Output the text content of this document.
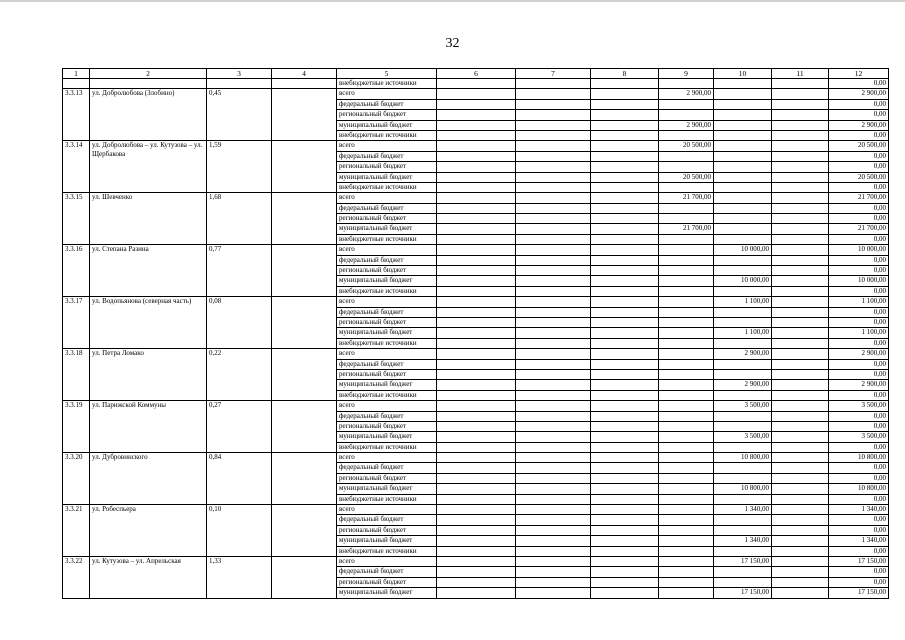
32
1	2	3	4	5	6	7	8	9	10	11	12
				внебюджетные источники							0,00
3.3.13	ул. Добролюбова (Злобино)	0,45		всего				2 900,00			2 900,00
				федеральный бюджет							0,00
				региональный бюджет							0,00
				муниципальный бюджет				2 900,00			2 900,00
				внебюджетные источники							0,00
3.3.14	ул. Добролюбова – ул. Кутузова – ул. Щербакова	1,59		всего				20 500,00			20 500,00
				федеральный бюджет							0,00
				региональный бюджет							0,00
				муниципальный бюджет				20 500,00			20 500,00
				внебюджетные источники							0,00
3.3.15	ул. Шевченко	1,68		всего				21 700,00			21 700,00
				федеральный бюджет							0,00
				региональный бюджет							0,00
				муниципальный бюджет				21 700,00			21 700,00
				внебюджетные источники							0,00
3.3.16	ул. Степана Разина	0,77		всего					10 000,00		10 000,00
				федеральный бюджет							0,00
				региональный бюджет							0,00
				муниципальный бюджет					10 000,00		10 000,00
				внебюджетные источники							0,00
3.3.17	ул. Водопьянова (северная часть)	0,08		всего					1 100,00		1 100,00
				федеральный бюджет							0,00
				региональный бюджет							0,00
				муниципальный бюджет					1 100,00		1 100,00
				внебюджетные источники							0,00
3.3.18	ул. Петра Ломако	0,22		всего					2 900,00		2 900,00
				федеральный бюджет							0,00
				региональный бюджет							0,00
				муниципальный бюджет					2 900,00		2 900,00
				внебюджетные источники							0,00
3.3.19	ул. Парижской Коммуны	0,27		всего					3 500,00		3 500,00
				федеральный бюджет							0,00
				региональный бюджет							0,00
				муниципальный бюджет					3 500,00		3 500,00
				внебюджетные источники							0,00
3.3.20	ул. Дубровинского	0,84		всего					10 800,00		10 800,00
				федеральный бюджет							0,00
				региональный бюджет							0,00
				муниципальный бюджет					10 800,00		10 800,00
				внебюджетные источники							0,00
3.3.21	ул. Робеспьера	0,10		всего					1 340,00		1 340,00
				федеральный бюджет							0,00
				региональный бюджет							0,00
				муниципальный бюджет					1 340,00		1 340,00
				внебюджетные источники							0,00
3.3.22	ул. Кутузова – ул. Апрельская	1,33		всего					17 150,00		17 150,00
				федеральный бюджет							0,00
				региональный бюджет							0,00
				муниципальный бюджет					17 150,00		17 150,00
